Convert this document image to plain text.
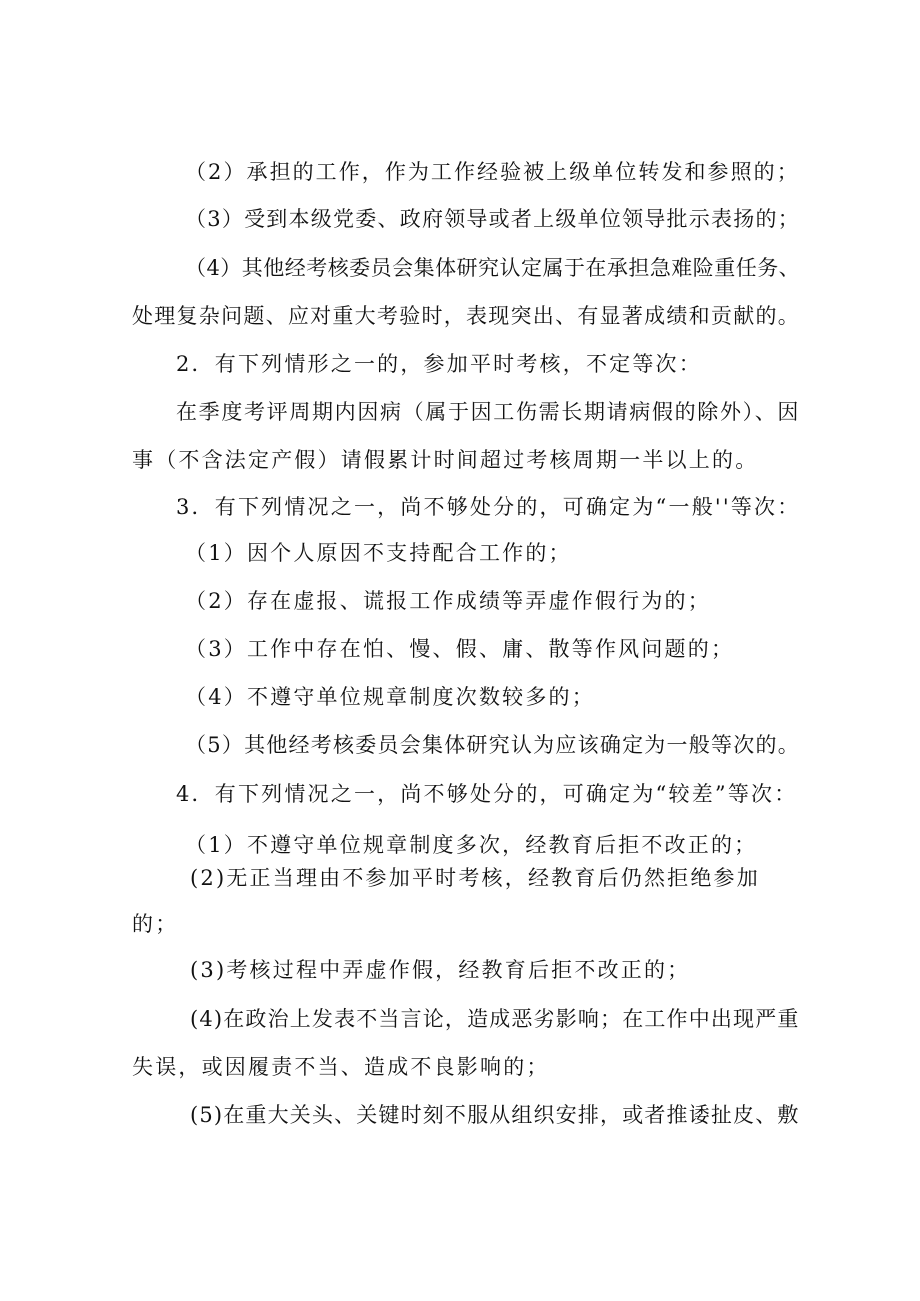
（2）承担的工作，作为工作经验被上级单位转发和参照的；
（3）受到本级党委、政府领导或者上级单位领导批示表扬的；
（4）其他经考核委员会集体研究认定属于在承担急难险重任务、
处理复杂问题、应对重大考验时，表现突出、有显著成绩和贡献的。
2．有下列情形之一的，参加平时考核，不定等次：
在季度考评周期内因病（属于因工伤需长期请病假的除外）、因
事（不含法定产假）请假累计时间超过考核周期一半以上的。
3．有下列情况之一，尚不够处分的，可确定为“一般''等次：
（1）因个人原因不支持配合工作的；
（2）存在虚报、谎报工作成绩等弄虚作假行为的；
（3）工作中存在怕、慢、假、庸、散等作风问题的；
（4）不遵守单位规章制度次数较多的；
（5）其他经考核委员会集体研究认为应该确定为一般等次的。
4．有下列情况之一，尚不够处分的，可确定为“较差”等次：
（1）不遵守单位规章制度多次，经教育后拒不改正的；
(2)无正当理由不参加平时考核，经教育后仍然拒绝参加
的；
(3)考核过程中弄虚作假，经教育后拒不改正的；
(4)在政治上发表不当言论，造成恶劣影响；在工作中出现严重
失误，或因履责不当、造成不良影响的；
(5)在重大关头、关键时刻不服从组织安排，或者推诿扯皮、敷
